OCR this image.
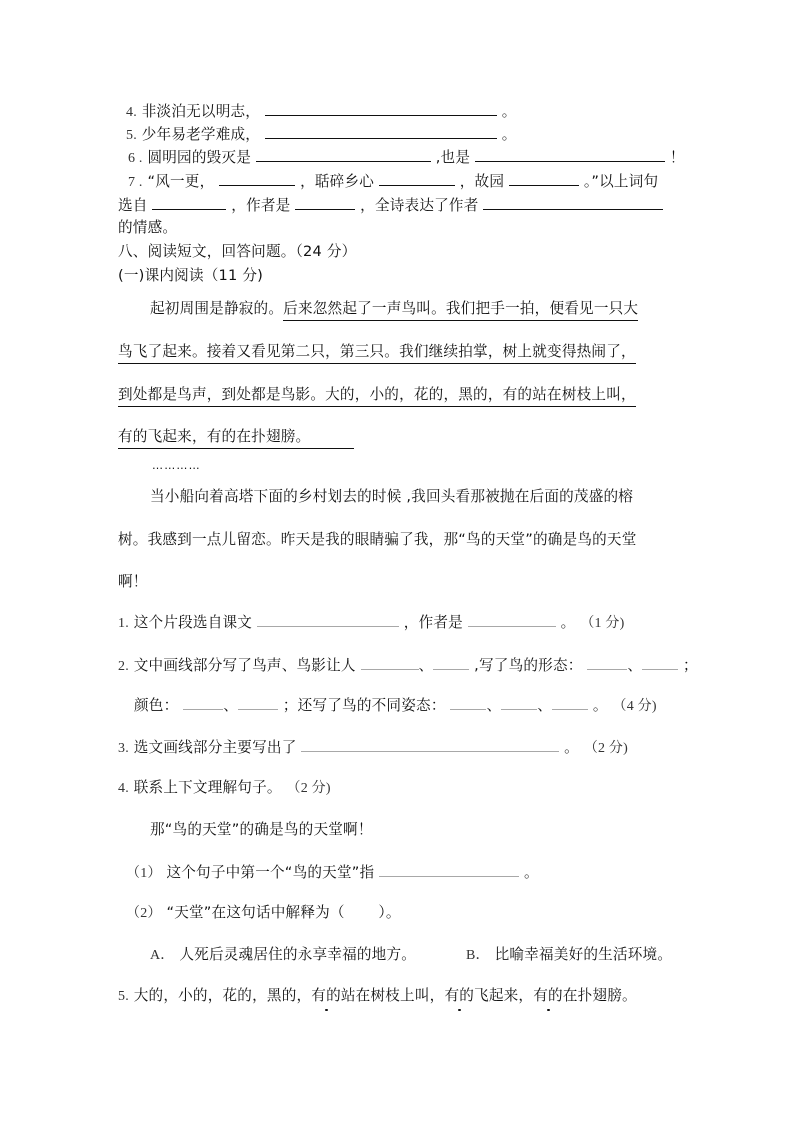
4. 非淡泊无以明志，	。
5. 少年易老学难成，	。
6 . 圆明园的毁灭是	,也是	！
7 . “风一更，	，聒碎乡心	，故园	。”以上词句
选自	，作者是	，全诗表达了作者
的情感。
八、阅读短文，回答问题。（24 分）
(一)课内阅读（11 分)
起初周围是静寂的。后来忽然起了一声鸟叫。我们把手一拍，便看见一只大
鸟飞了起来。接着又看见第二只，第三只。我们继续拍掌，树上就变得热闹了，
到处都是鸟声，到处都是鸟影。大的，小的，花的，黑的，有的站在树枝上叫，
有的飞起来，有的在扑翅膀。
…………
当小船向着高塔下面的乡村划去的时候 ,我回头看那被抛在后面的茂盛的榕
树。我感到一点儿留恋。昨天是我的眼睛骗了我，那“鸟的天堂”的确是鸟的天堂
啊！
1. 这个片段选自课文	，作者是	。 （1 分)
2. 文中画线部分写了鸟声、鸟影让人	、	,写了鸟的形态：	、	；
颜色：	、	；还写了鸟的不同姿态：	、 、	。 （4 分)
3. 选文画线部分主要写出了	。 （2 分)
4. 联系上下文理解句子。 （2 分)
那“鸟的天堂”的确是鸟的天堂啊！
（1） 这个句子中第一个“鸟的天堂”指	。
（2） “天堂”在这句话中解释为（ ）。
A． 人死后灵魂居住的永享幸福的地方。	B． 比喻幸福美好的生活环境。
5. 大的，小的，花的，黑的，有的站在树枝上叫，有的飞起来，有的在扑翅膀。
